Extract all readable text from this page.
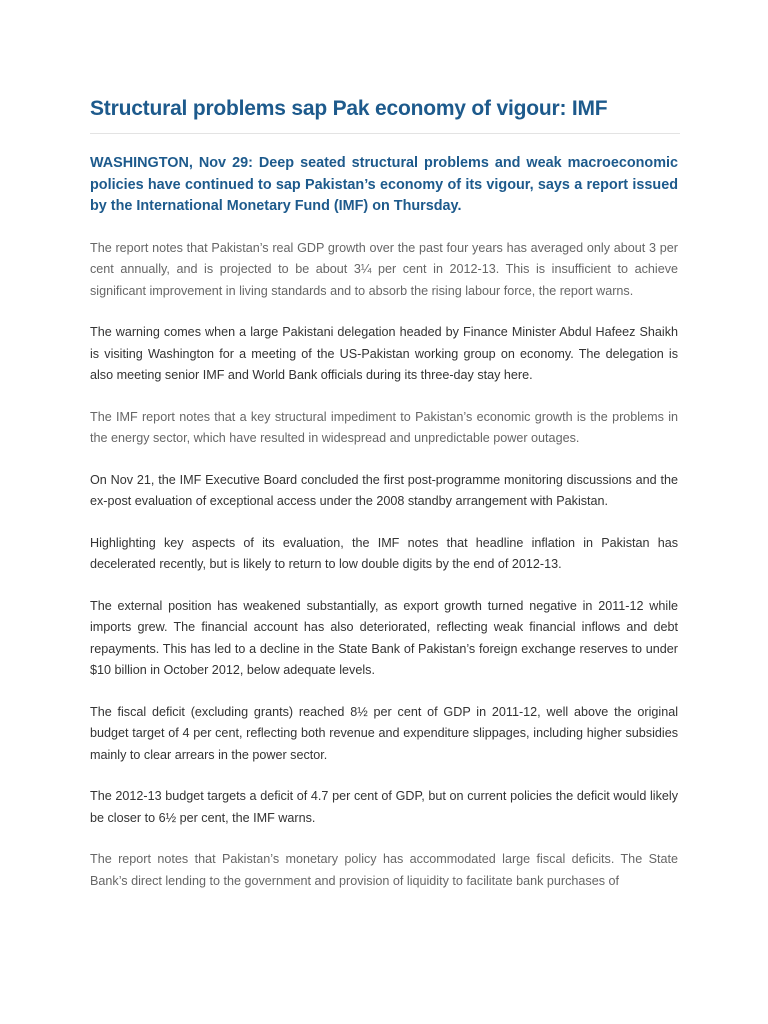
Structural problems sap Pak economy of vigour: IMF

WASHINGTON, Nov 29: Deep seated structural problems and weak macroeconomic policies have continued to sap Pakistan’s economy of its vigour, says a report issued by the International Monetary Fund (IMF) on Thursday.

The report notes that Pakistan’s real GDP growth over the past four years has averaged only about 3 per cent annually, and is projected to be about 3¼ per cent in 2012-13. This is insufficient to achieve significant improvement in living standards and to absorb the rising labour force, the report warns.

The warning comes when a large Pakistani delegation headed by Finance Minister Abdul Hafeez Shaikh is visiting Washington for a meeting of the US-Pakistan working group on economy. The delegation is also meeting senior IMF and World Bank officials during its three-day stay here.

The IMF report notes that a key structural impediment to Pakistan’s economic growth is the problems in the energy sector, which have resulted in widespread and unpredictable power outages.

On Nov 21, the IMF Executive Board concluded the first post-programme monitoring discussions and the ex-post evaluation of exceptional access under the 2008 standby arrangement with Pakistan.

Highlighting key aspects of its evaluation, the IMF notes that headline inflation in Pakistan has decelerated recently, but is likely to return to low double digits by the end of 2012-13.

The external position has weakened substantially, as export growth turned negative in 2011-12 while imports grew. The financial account has also deteriorated, reflecting weak financial inflows and debt repayments. This has led to a decline in the State Bank of Pakistan’s foreign exchange reserves to under $10 billion in October 2012, below adequate levels.

The fiscal deficit (excluding grants) reached 8½ per cent of GDP in 2011-12, well above the original budget target of 4 per cent, reflecting both revenue and expenditure slippages, including higher subsidies mainly to clear arrears in the power sector.

The 2012-13 budget targets a deficit of 4.7 per cent of GDP, but on current policies the deficit would likely be closer to 6½ per cent, the IMF warns.

The report notes that Pakistan’s monetary policy has accommodated large fiscal deficits. The State Bank’s direct lending to the government and provision of liquidity to facilitate bank purchases of
